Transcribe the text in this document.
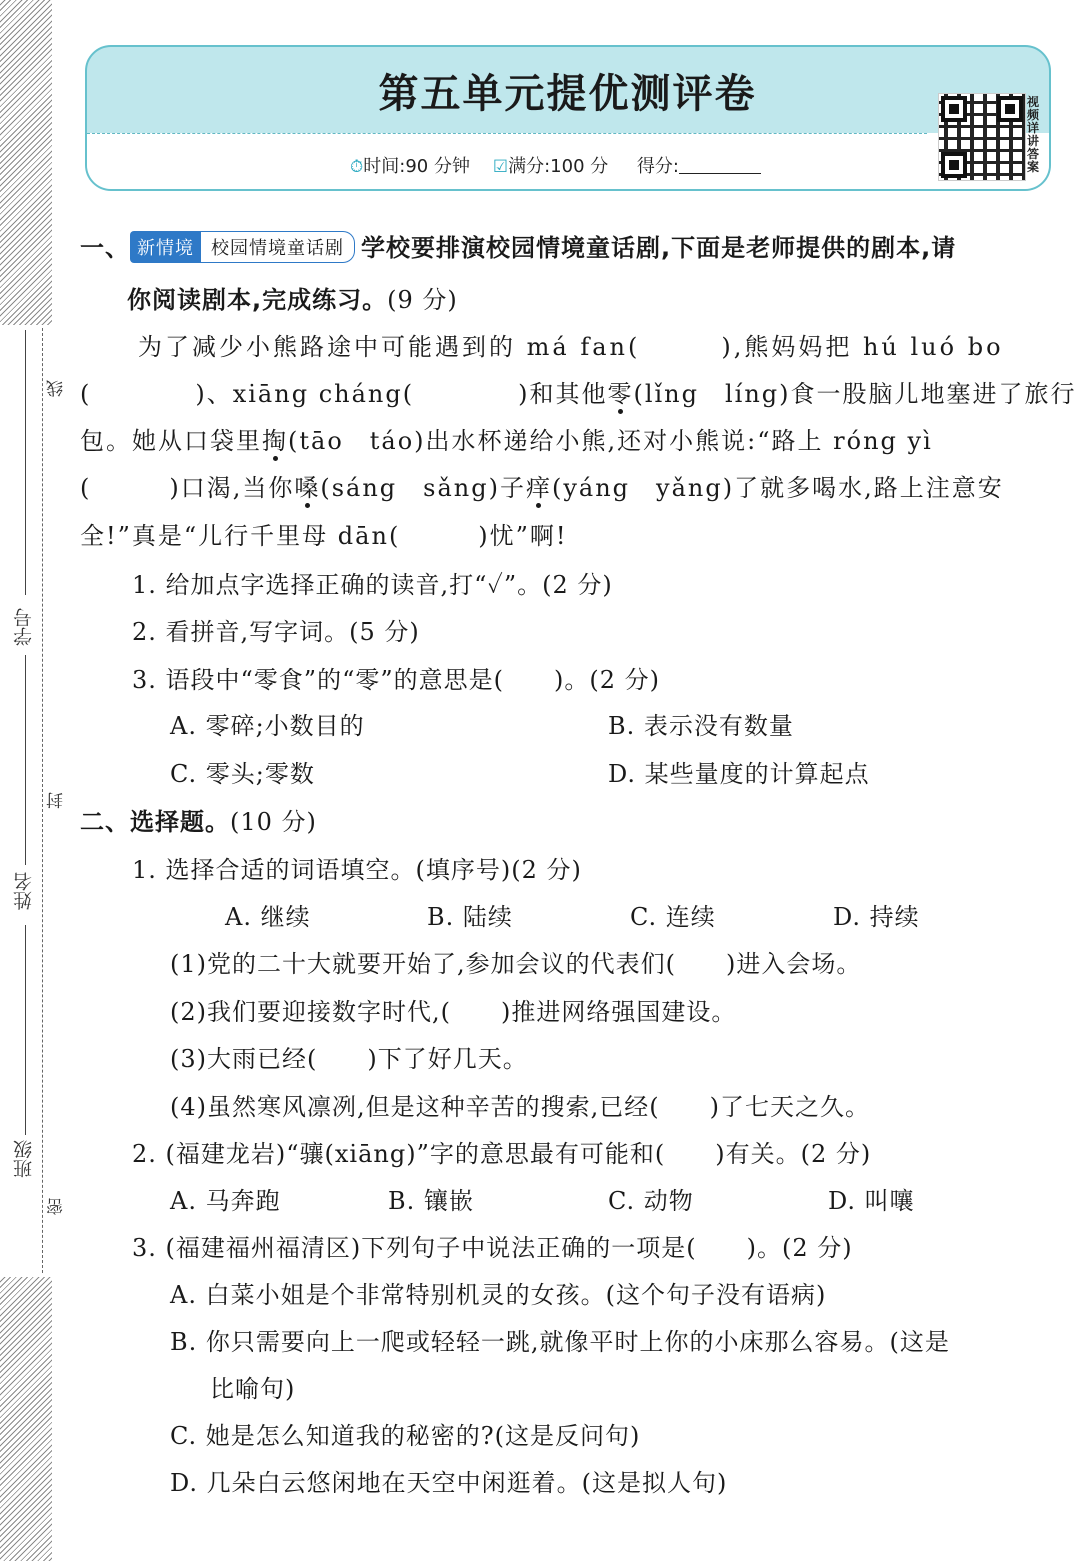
线
学号
封
姓名
班级
密
第五单元提优测评卷
⏱时间:90 分钟 ☑满分:100 分 得分:
视频详讲答案
一、 新情境 校园情境童话剧 学校要排演校园情境童话剧,下面是老师提供的剧本,请
你阅读剧本,完成练习。(9 分)
为了减少小熊路途中可能遇到的 má fan(　　　),熊妈妈把 hú luó bo
(　　　　)、xiāng cháng(　　　　)和其他零(lǐng　líng)食一股脑儿地塞进了旅行
包。她从口袋里掏(tāo　táo)出水杯递给小熊,还对小熊说:“路上 róng yì
(　　　)口渴,当你嗓(sáng　sǎng)子痒(yáng　yǎng)了就多喝水,路上注意安
全!”真是“儿行千里母 dān(　　　)忧”啊!
1. 给加点字选择正确的读音,打“✓”。(2 分)
2. 看拼音,写字词。(5 分)
3. 语段中“零食”的“零”的意思是(　　)。(2 分)
A. 零碎;小数目的	B. 表示没有数量
C. 零头;零数	D. 某些量度的计算起点
二、选择题。(10 分)
1. 选择合适的词语填空。(填序号)(2 分)
A. 继续	B. 陆续	C. 连续	D. 持续
(1)党的二十大就要开始了,参加会议的代表们(　　)进入会场。
(2)我们要迎接数字时代,(　　)推进网络强国建设。
(3)大雨已经(　　)下了好几天。
(4)虽然寒风凛冽,但是这种辛苦的搜索,已经(　　)了七天之久。
2. (福建龙岩)“骧(xiāng)”字的意思最有可能和(　　)有关。(2 分)
A. 马奔跑	B. 镶嵌	C. 动物	D. 叫嚷
3. (福建福州福清区)下列句子中说法正确的一项是(　　)。(2 分)
A. 白菜小姐是个非常特别机灵的女孩。(这个句子没有语病)
B. 你只需要向上一爬或轻轻一跳,就像平时上你的小床那么容易。(这是
比喻句)
C. 她是怎么知道我的秘密的?(这是反问句)
D. 几朵白云悠闲地在天空中闲逛着。(这是拟人句)
